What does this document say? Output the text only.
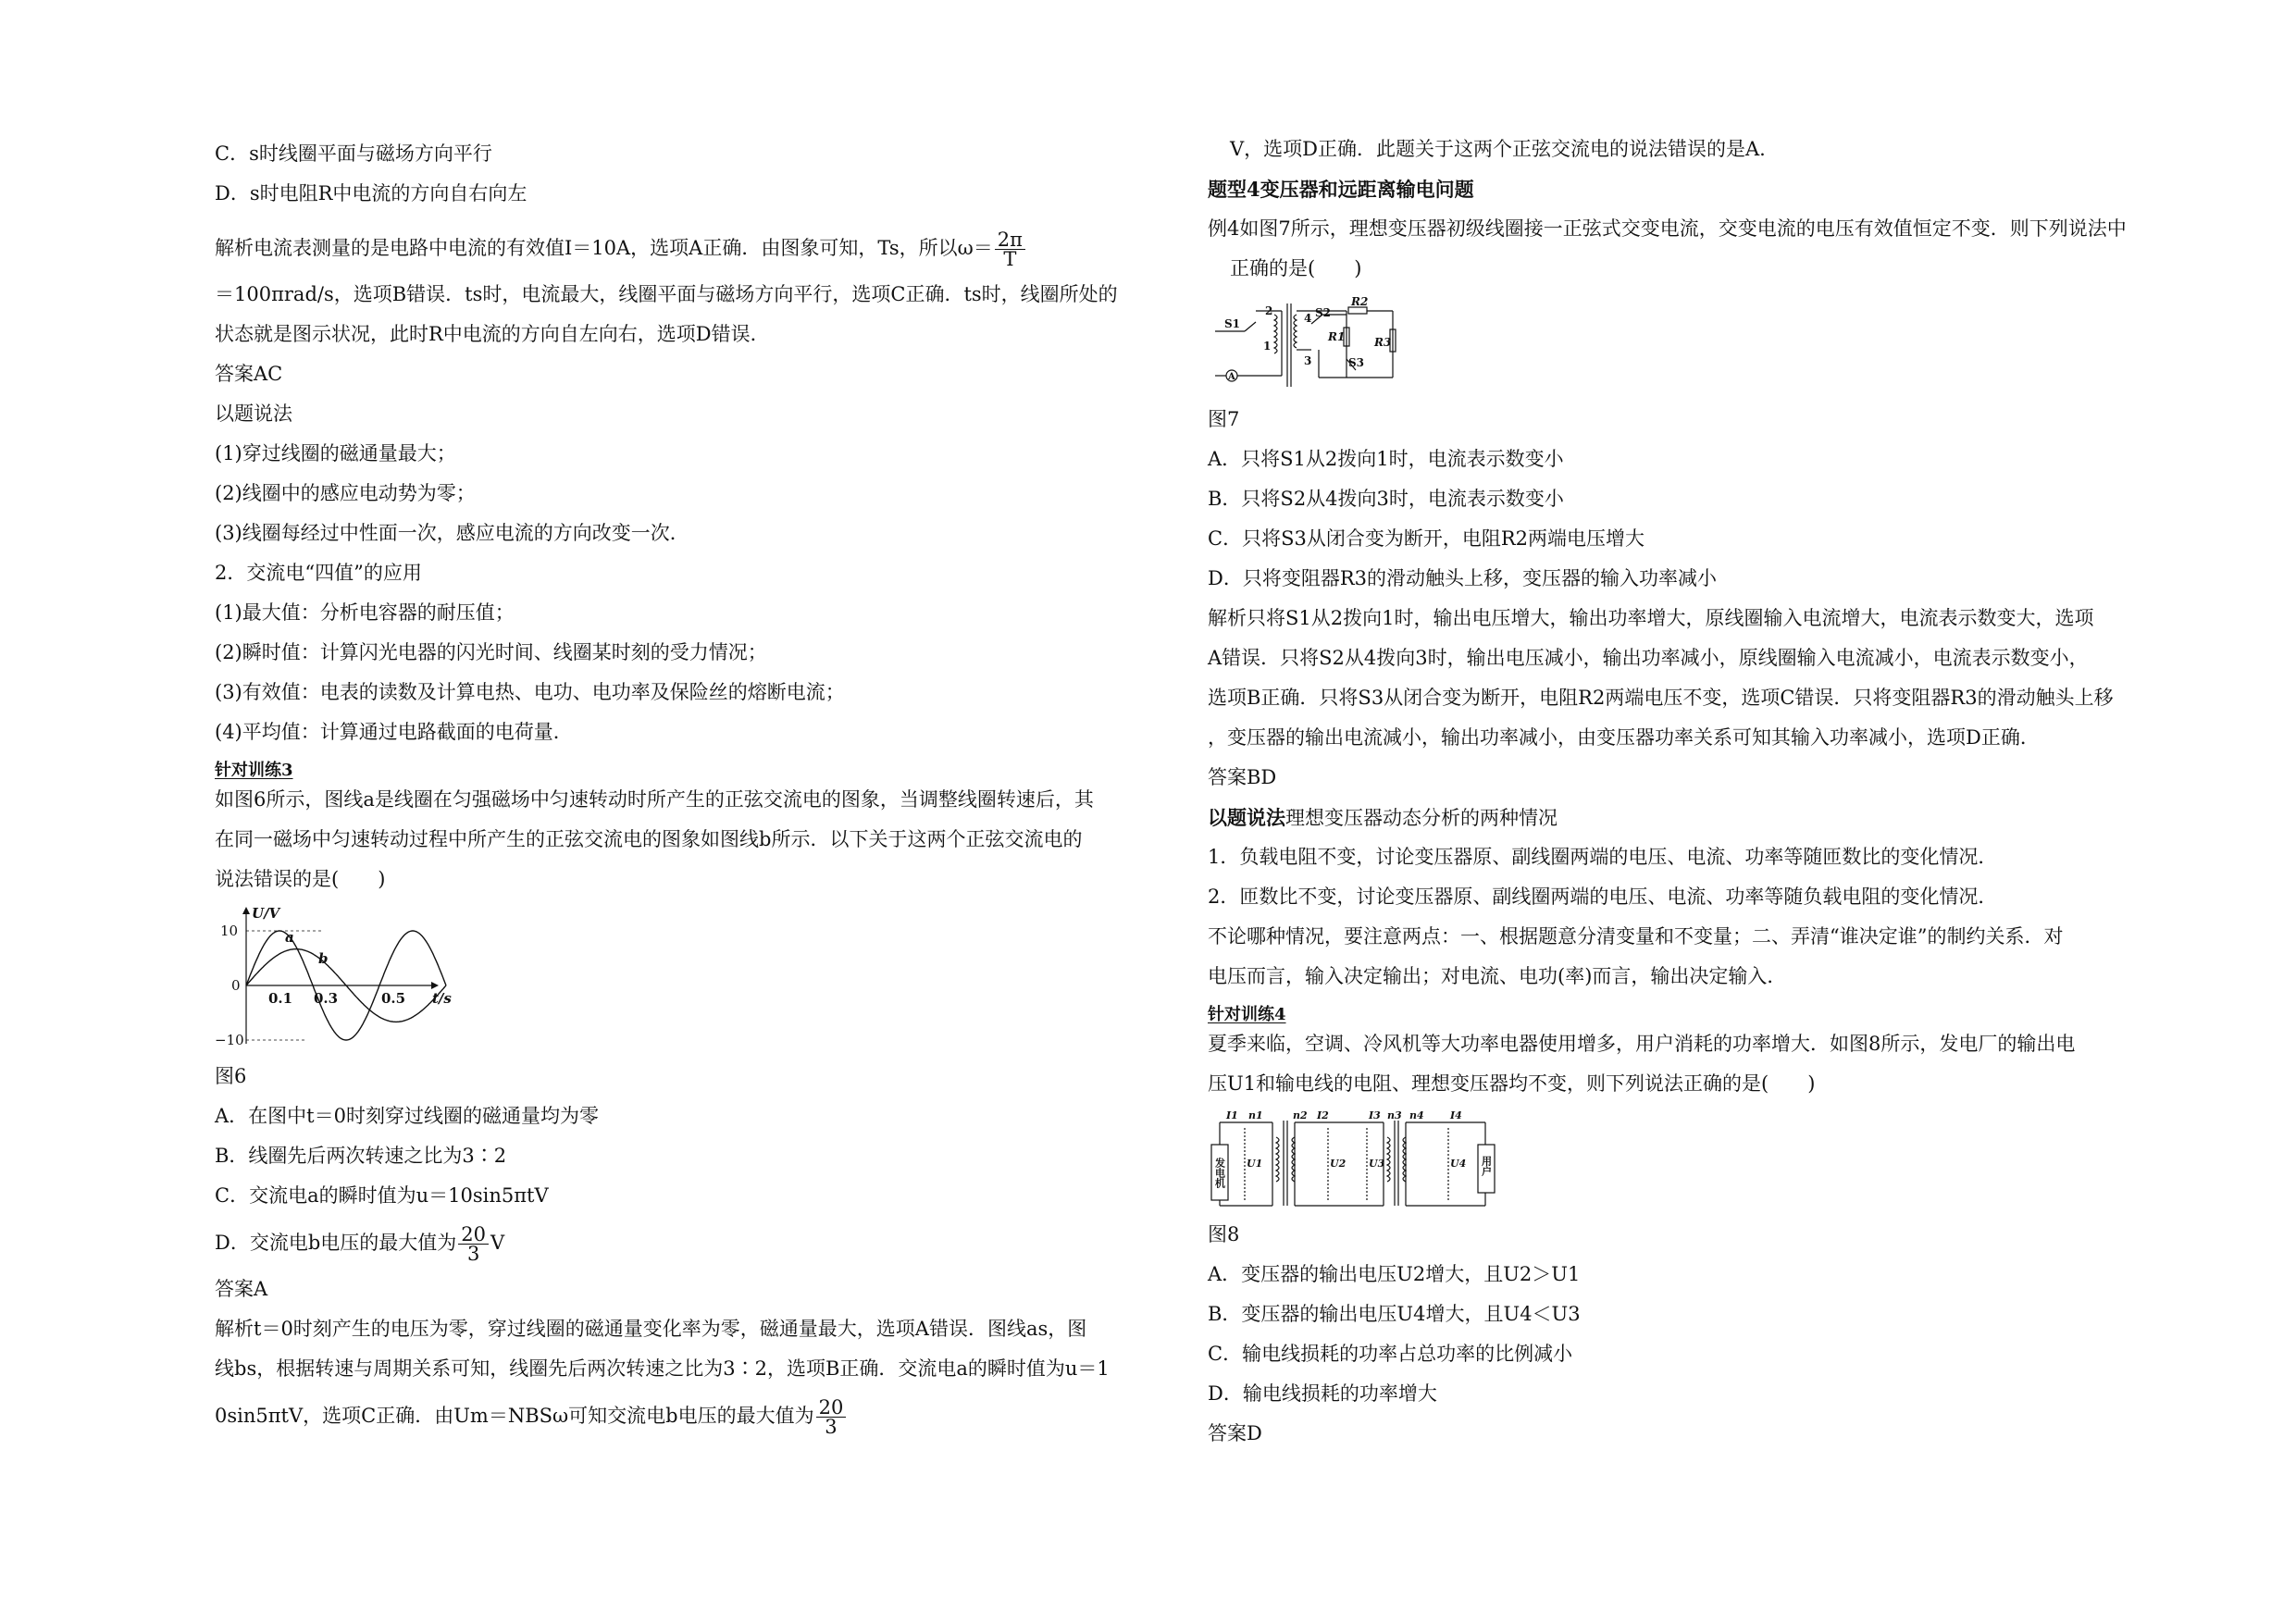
C．s时线圈平面与磁场方向平行
D．s时电阻R中电流的方向自右向左
解析电流表测量的是电路中电流的有效值I＝10A，选项A正确．由图象可知，Ts，所以$\omega= \frac{2\pi}{T}$
＝100πrad/s，选项B错误．ts时，电流最大，线圈平面与磁场方向平行，选项C正确．ts时，线圈所处的
状态就是图示状况，此时R中电流的方向自左向右，选项D错误．
答案AC
以题说法
(1)穿过线圈的磁通量最大；
(2)线圈中的感应电动势为零；
(3)线圈每经过中性面一次，感应电流的方向改变一次．
2．交流电“四值”的应用
(1)最大值：分析电容器的耐压值；
(2)瞬时值：计算闪光电器的闪光时间、线圈某时刻的受力情况；
(3)有效值：电表的读数及计算电热、电功、电功率及保险丝的熔断电流；
(4)平均值：计算通过电路截面的电荷量．
针对训练3
如图6所示，图线a是线圈在匀强磁场中匀速转动时所产生的正弦交流电的图象，当调整线圈转速后，其
在同一磁场中匀速转动过程中所产生的正弦交流电的图象如图线b所示．以下关于这两个正弦交流电的
说法错误的是(　　)
U/V
10
0
−10
0.1 0.3	0.5 t/s
a
b
图6
A．在图中t＝0时刻穿过线圈的磁通量均为零
B．线圈先后两次转速之比为3∶2
C．交流电a的瞬时值为u＝10sin5πtV
D．交流电b电压的最大值为 $\frac{20}{3}$ V
答案A
解析t＝0时刻产生的电压为零，穿过线圈的磁通量变化率为零，磁通量最大，选项A错误．图线as，图
线bs，根据转速与周期关系可知，线圈先后两次转速之比为3∶2，选项B正确．交流电a的瞬时值为u＝1
0sin5πtV，选项C正确．由Um＝NBSω可知交流电b电压的最大值为 $\frac{20}{3}$
V，选项D正确．此题关于这两个正弦交流电的说法错误的是A.
题型4变压器和远距离输电问题
例4如图7所示，理想变压器初级线圈接一正弦式交变电流，交变电流的电压有效值恒定不变．则下列说法中
正确的是(　　)
S1
2
1
4
3
S2
R2
R1	R3
S3
A
图7
A．只将S1从2拨向1时，电流表示数变小
B．只将S2从4拨向3时，电流表示数变小
C．只将S3从闭合变为断开，电阻R2两端电压增大
D．只将变阻器R3的滑动触头上移，变压器的输入功率减小
解析只将S1从2拨向1时，输出电压增大，输出功率增大，原线圈输入电流增大，电流表示数变大，选项
A错误．只将S2从4拨向3时，输出电压减小，输出功率减小，原线圈输入电流减小，电流表示数变小，
选项B正确．只将S3从闭合变为断开，电阻R2两端电压不变，选项C错误．只将变阻器R3的滑动触头上移
，变压器的输出电流减小，输出功率减小，由变压器功率关系可知其输入功率减小，选项D正确．
答案BD
以题说法理想变压器动态分析的两种情况
1．负载电阻不变，讨论变压器原、副线圈两端的电压、电流、功率等随匝数比的变化情况．
2．匝数比不变，讨论变压器原、副线圈两端的电压、电流、功率等随负载电阻的变化情况．
不论哪种情况，要注意两点：一、根据题意分清变量和不变量；二、弄清“谁决定谁”的制约关系．对
电压而言，输入决定输出；对电流、电功(率)而言，输出决定输入．
针对训练4
夏季来临，空调、冷风机等大功率电器使用增多，用户消耗的功率增大．如图8所示，发电厂的输出电
压U1和输电线的电阻、理想变压器均不变，则下列说法正确的是(　　)
I1 n1	n2 I2	I3 n3 n4	I4
U1	U2 U3	U4
发电机	用户
图8
A．变压器的输出电压U2增大，且U2＞U1
B．变压器的输出电压U4增大，且U4＜U3
C．输电线损耗的功率占总功率的比例减小
D．输电线损耗的功率增大
答案D
